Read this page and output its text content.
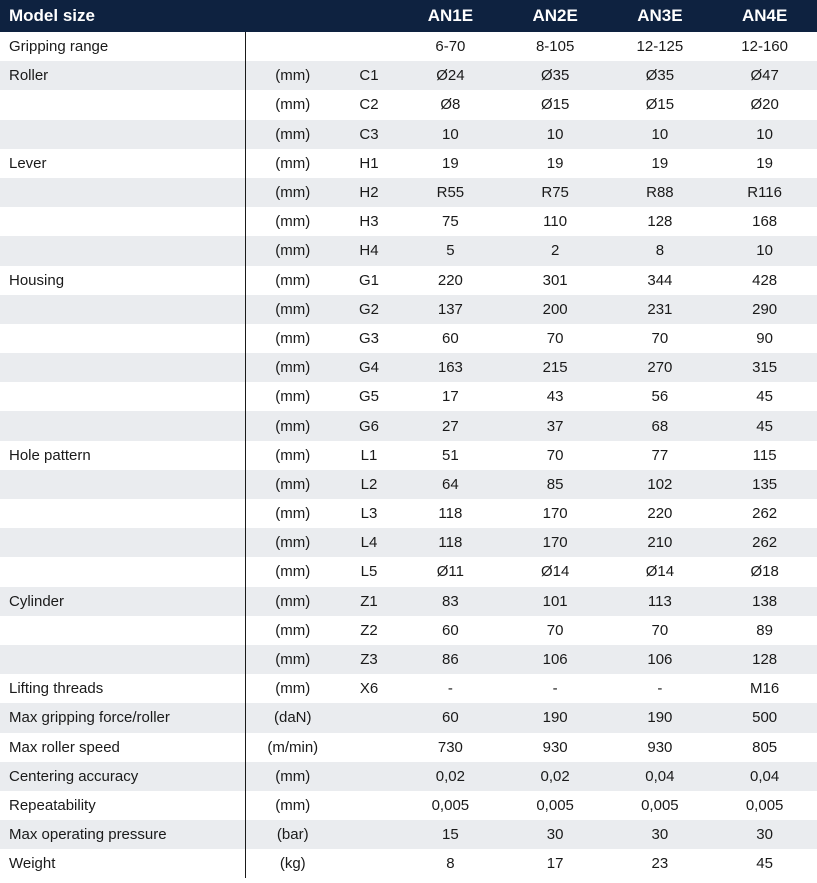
Model size			AN1E	AN2E	AN3E	AN4E
Gripping range			6-70	8-105	12-125	12-160
Roller	(mm)	C1	Ø24	Ø35	Ø35	Ø47
	(mm)	C2	Ø8	Ø15	Ø15	Ø20
	(mm)	C3	10	10	10	10
Lever	(mm)	H1	19	19	19	19
	(mm)	H2	R55	R75	R88	R116
	(mm)	H3	75	110	128	168
	(mm)	H4	5	2	8	10
Housing	(mm)	G1	220	301	344	428
	(mm)	G2	137	200	231	290
	(mm)	G3	60	70	70	90
	(mm)	G4	163	215	270	315
	(mm)	G5	17	43	56	45
	(mm)	G6	27	37	68	45
Hole pattern	(mm)	L1	51	70	77	115
	(mm)	L2	64	85	102	135
	(mm)	L3	118	170	220	262
	(mm)	L4	118	170	210	262
	(mm)	L5	Ø11	Ø14	Ø14	Ø18
Cylinder	(mm)	Z1	83	101	113	138
	(mm)	Z2	60	70	70	89
	(mm)	Z3	86	106	106	128
Lifting threads	(mm)	X6	-	-	-	M16
Max gripping force/roller	(daN)		60	190	190	500
Max roller speed	(m/min)		730	930	930	805
Centering accuracy	(mm)		0,02	0,02	0,04	0,04
Repeatability	(mm)		0,005	0,005	0,005	0,005
Max operating pressure	(bar)		15	30	30	30
Weight	(kg)		8	17	23	45
